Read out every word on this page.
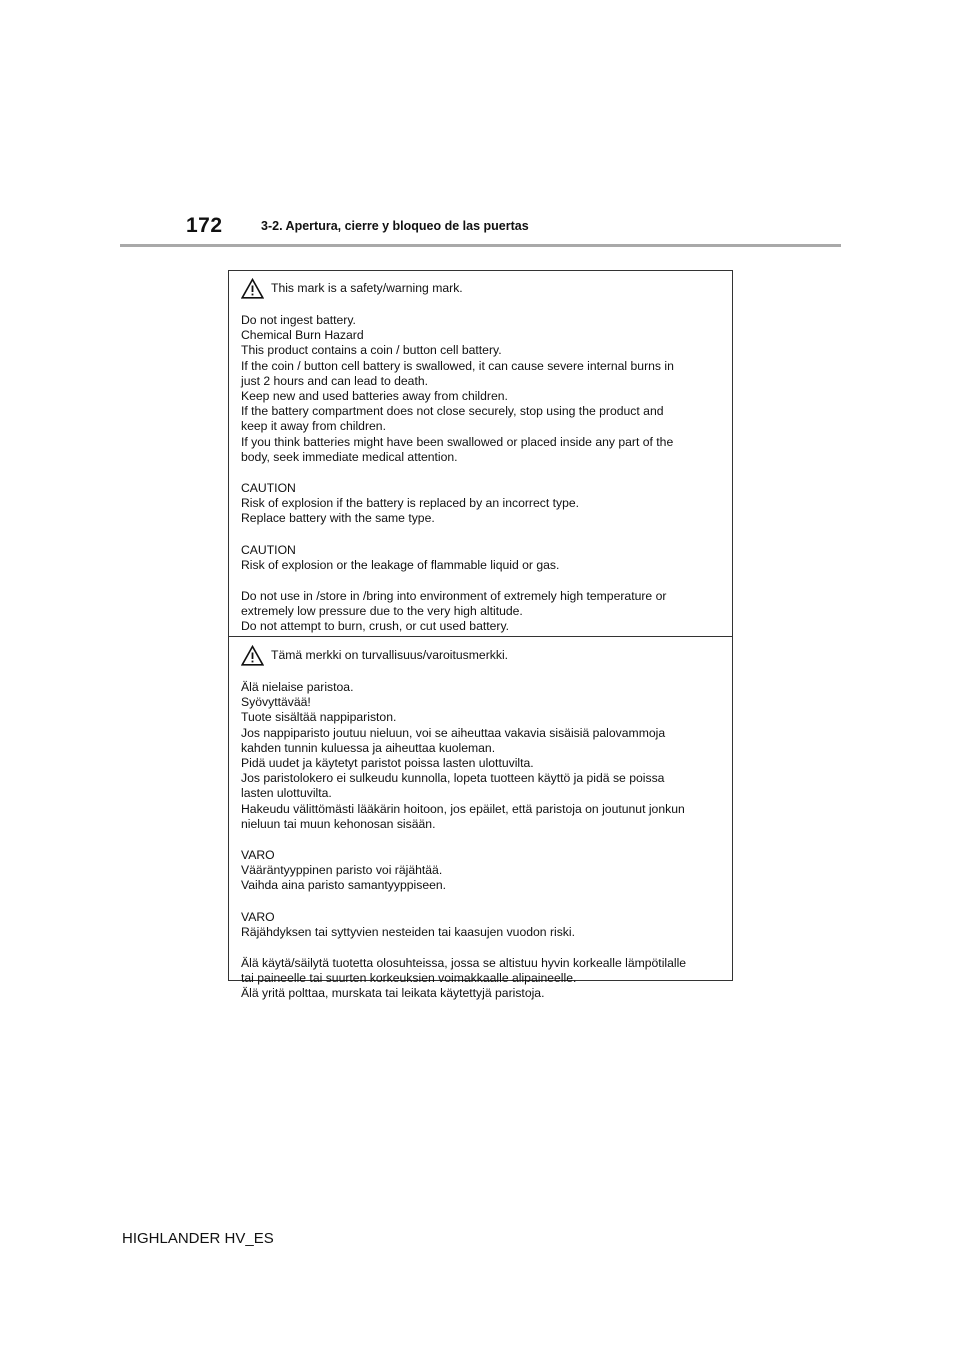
172	3-2. Apertura, cierre y bloqueo de las puertas
This mark is a safety/warning mark.
Do not ingest battery.
Chemical Burn Hazard
This product contains a coin / button cell battery.
If the coin / button cell battery is swallowed, it can cause severe internal burns in
just 2 hours and can lead to death.
Keep new and used batteries away from children.
If the battery compartment does not close securely, stop using the product and
keep it away from children.
If you think batteries might have been swallowed or placed inside any part of the
body, seek immediate medical attention.
CAUTION
Risk of explosion if the battery is replaced by an incorrect type.
Replace battery with the same type.
CAUTION
Risk of explosion or the leakage of flammable liquid or gas.
Do not use in /store in /bring into environment of extremely high temperature or
extremely low pressure due to the very high altitude.
Do not attempt to burn, crush, or cut used battery.
Tämä merkki on turvallisuus/varoitusmerkki.
Älä nielaise paristoa.
Syövyttävää!
Tuote sisältää nappipariston.
Jos nappiparisto joutuu nieluun, voi se aiheuttaa vakavia sisäisiä palovammoja
kahden tunnin kuluessa ja aiheuttaa kuoleman.
Pidä uudet ja käytetyt paristot poissa lasten ulottuvilta.
Jos paristolokero ei sulkeudu kunnolla, lopeta tuotteen käyttö ja pidä se poissa
lasten ulottuvilta.
Hakeudu välittömästi lääkärin hoitoon, jos epäilet, että paristoja on joutunut jonkun
nieluun tai muun kehonosan sisään.
VARO
Vääräntyyppinen paristo voi räjähtää.
Vaihda aina paristo samantyyppiseen.
VARO
Räjähdyksen tai syttyvien nesteiden tai kaasujen vuodon riski.
Älä käytä/säilytä tuotetta olosuhteissa, jossa se altistuu hyvin korkealle lämpötilalle
tai paineelle tai suurten korkeuksien voimakkaalle alipaineelle.
Älä yritä polttaa, murskata tai leikata käytettyjä paristoja.
HIGHLANDER HV_ES
